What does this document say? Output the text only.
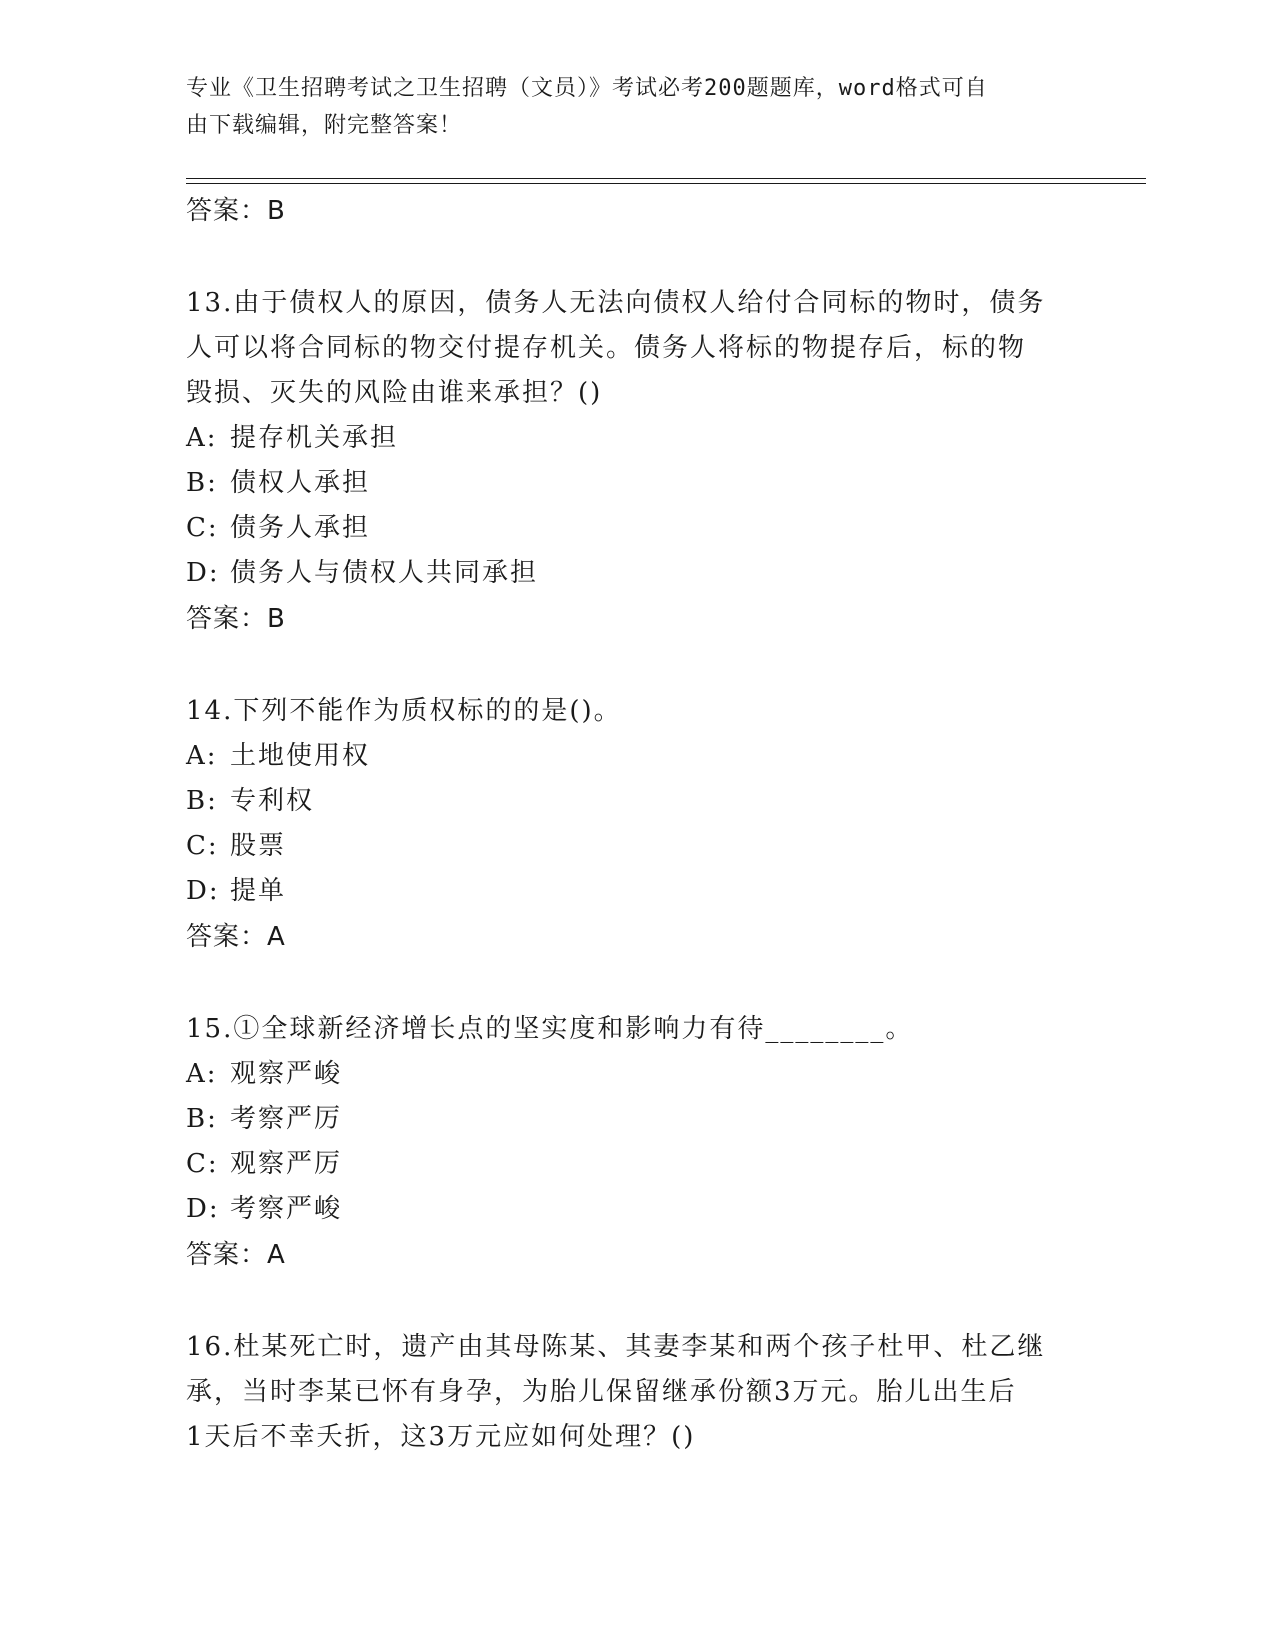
专业《卫生招聘考试之卫生招聘（文员）》考试必考200题题库，word格式可自
由下载编辑，附完整答案！
答案：B
13.由于债权人的原因，债务人无法向债权人给付合同标的物时，债务
人可以将合同标的物交付提存机关。债务人将标的物提存后，标的物
毁损、灭失的风险由谁来承担？()
A: 提存机关承担
B: 债权人承担
C: 债务人承担
D: 债务人与债权人共同承担
答案：B
14.下列不能作为质权标的的是()。
A: 土地使用权
B: 专利权
C: 股票
D: 提单
答案：A
15.①全球新经济增长点的坚实度和影响力有待________。
A: 观察严峻
B: 考察严厉
C: 观察严厉
D: 考察严峻
答案：A
16.杜某死亡时，遗产由其母陈某、其妻李某和两个孩子杜甲、杜乙继
承，当时李某已怀有身孕，为胎儿保留继承份额3万元。胎儿出生后
1天后不幸夭折，这3万元应如何处理？()
